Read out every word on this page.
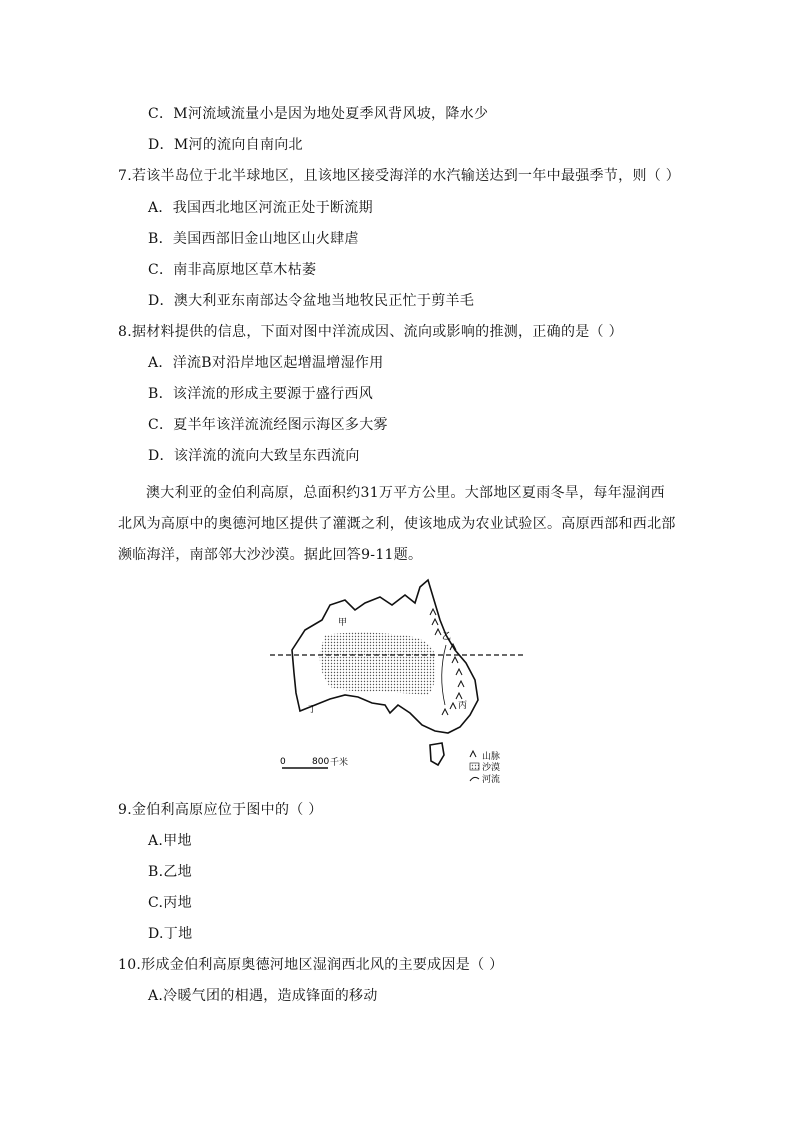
C．M河流域流量小是因为地处夏季风背风坡，降水少
D．M河的流向自南向北
7.若该半岛位于北半球地区，且该地区接受海洋的水汽输送达到一年中最强季节，则（ ）
A．我国西北地区河流正处于断流期
B．美国西部旧金山地区山火肆虐
C．南非高原地区草木枯萎
D．澳大利亚东南部达令盆地当地牧民正忙于剪羊毛
8.据材料提供的信息，下面对图中洋流成因、流向或影响的推测，正确的是（ ）
A．洋流B对沿岸地区起增温增湿作用
B．该洋流的形成主要源于盛行西风
C．夏半年该洋流流经图示海区多大雾
D．该洋流的流向大致呈东西流向
澳大利亚的金伯利高原，总面积约31万平方公里。大部地区夏雨冬旱，每年湿润西北风为高原中的奥德河地区提供了灌溉之利，使该地成为农业试验区。高原西部和西北部濒临海洋，南部邻大沙沙漠。据此回答9-11题。
甲
乙
丙
丁
0	800 千米
山脉
沙漠
河流
9.金伯利高原应位于图中的（ ）
A.甲地
B.乙地
C.丙地
D.丁地
10.形成金伯利高原奥德河地区湿润西北风的主要成因是（ ）
A.冷暖气团的相遇，造成锋面的移动
